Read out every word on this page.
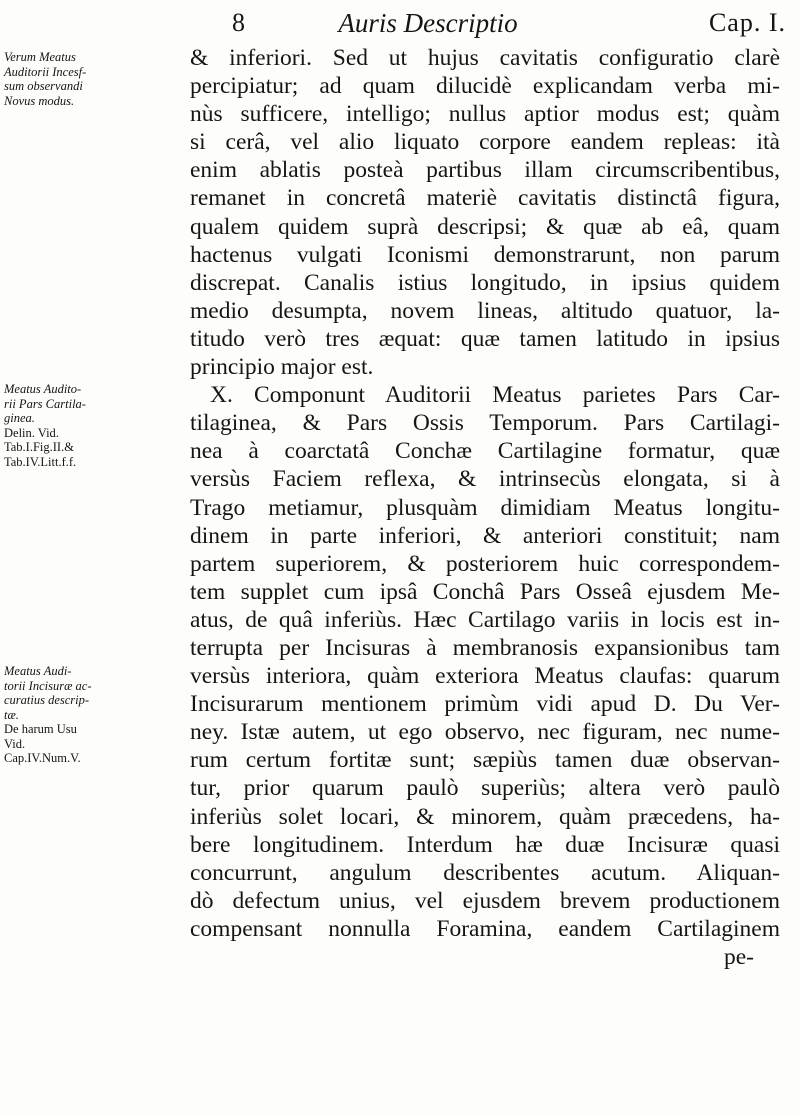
8	Auris Descriptio	Cap. I.
Verum Meatus
Auditorii Incesf-
sum observandi
Novus modus.
Meatus Audito-
rii Pars Cartila-
ginea.
Delin. Vid.
Tab.I.Fig.II.&
Tab.IV.Litt.f.f.
Meatus Audi-
torii Incisuræ ac-
curatius descrip-
tæ.
De harum Usu
Vid.
Cap.IV.Num.V.
& inferiori. Sed ut hujus cavitatis configuratio clarè
percipiatur; ad quam dilucidè explicandam verba mi-
nùs sufficere, intelligo; nullus aptior modus est; quàm
si cerâ, vel alio liquato corpore eandem repleas: ità
enim ablatis posteà partibus illam circumscribentibus,
remanet in concretâ materiè cavitatis distinctâ figura,
qualem quidem suprà descripsi; & quæ ab eâ, quam
hactenus vulgati Iconismi demonstrarunt, non parum
discrepat. Canalis istius longitudo, in ipsius quidem
medio desumpta, novem lineas, altitudo quatuor, la-
titudo verò tres æquat: quæ tamen latitudo in ipsius
principio major est.
X. Componunt Auditorii Meatus parietes Pars Car-
tilaginea, & Pars Ossis Temporum. Pars Cartilagi-
nea à coarctatâ Conchæ Cartilagine formatur, quæ
versùs Faciem reflexa, & intrinsecùs elongata, si à
Trago metiamur, plusquàm dimidiam Meatus longitu-
dinem in parte inferiori, & anteriori constituit; nam
partem superiorem, & posteriorem huic correspondem-
tem supplet cum ipsâ Conchâ Pars Osseâ ejusdem Me-
atus, de quâ inferiùs. Hæc Cartilago variis in locis est in-
terrupta per Incisuras à membranosis expansionibus tam
versùs interiora, quàm exteriora Meatus claufas: quarum
Incisurarum mentionem primùm vidi apud D. Du Ver-
ney. Istæ autem, ut ego observo, nec figuram, nec nume-
rum certum fortitæ sunt; sæpiùs tamen duæ observan-
tur, prior quarum paulò superiùs; altera verò paulò
inferiùs solet locari, & minorem, quàm præcedens, ha-
bere longitudinem. Interdum hæ duæ Incisuræ quasi
concurrunt, angulum describentes acutum. Aliquan-
dò defectum unius, vel ejusdem brevem productionem
compensant nonnulla Foramina, eandem Cartilaginem
pe-
